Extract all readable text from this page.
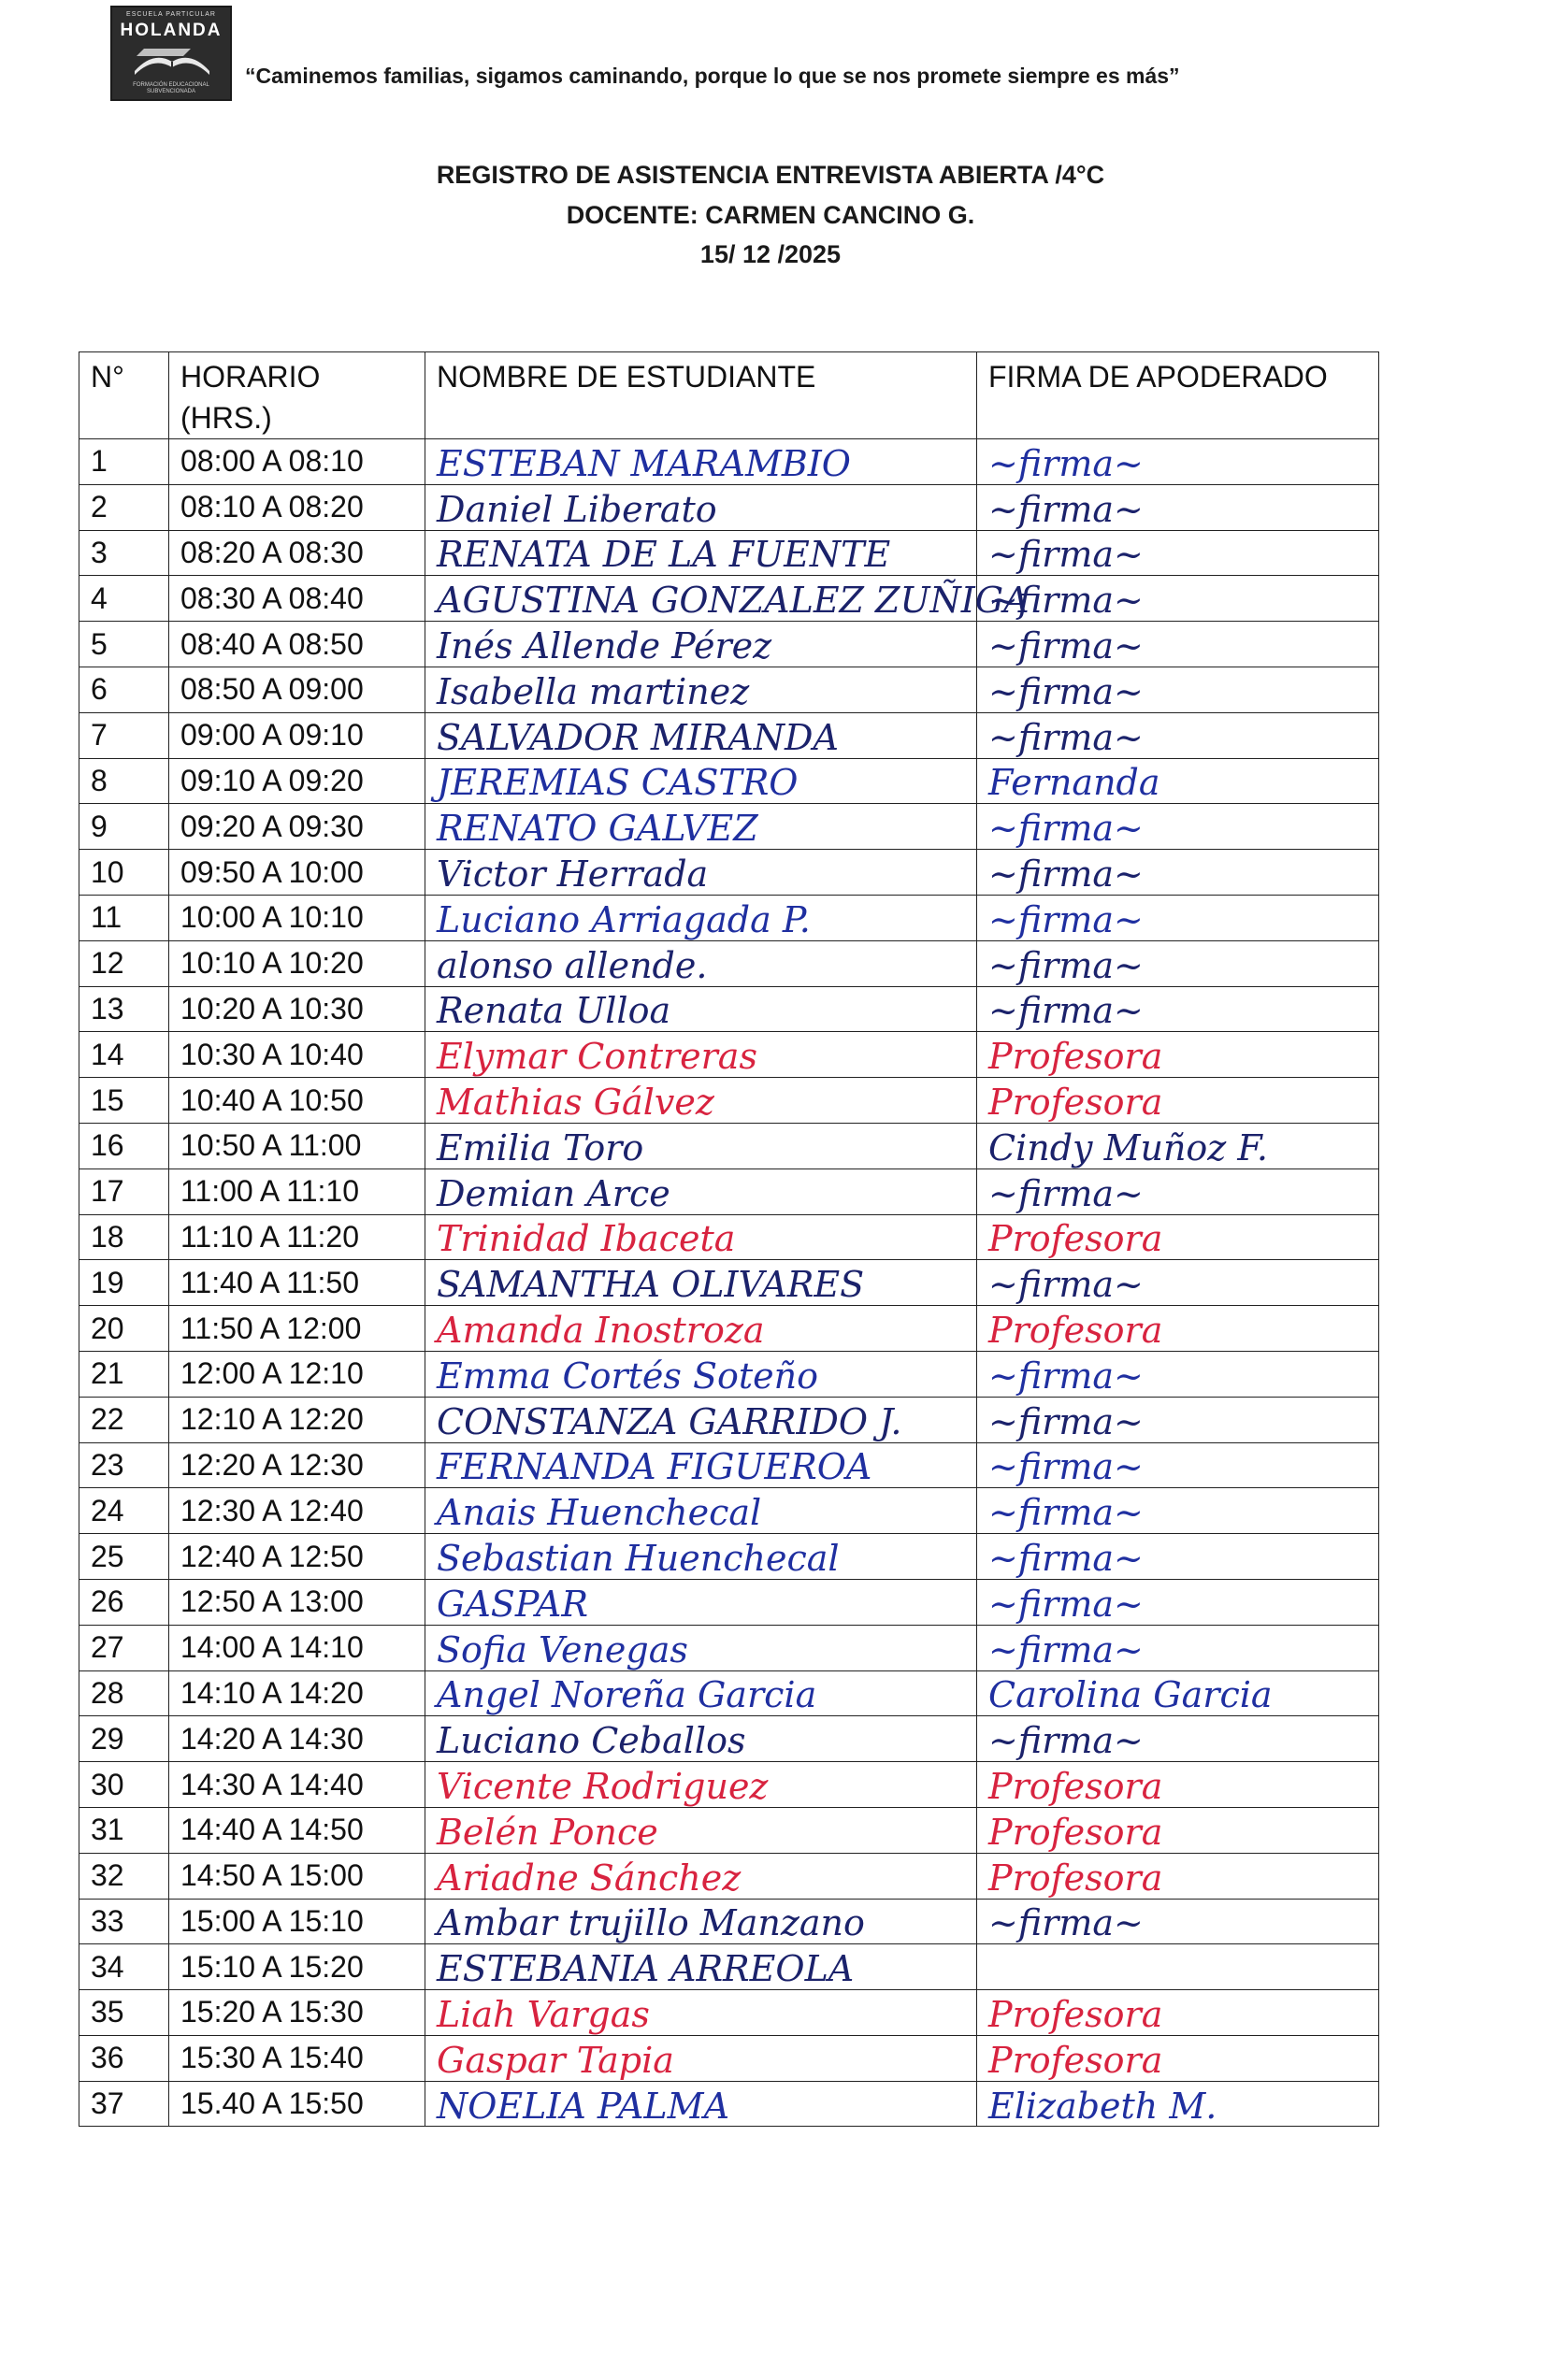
ESCUELA PARTICULAR
HOLANDA
FORMACIÓN EDUCACIONAL
SUBVENCIONADA
“Caminemos familias, sigamos caminando, porque lo que se nos promete siempre es más”
REGISTRO DE ASISTENCIA ENTREVISTA ABIERTA /4°C
DOCENTE: CARMEN CANCINO G.
15/ 12 /2025
N°	HORARIO (HRS.)	NOMBRE DE ESTUDIANTE	FIRMA DE APODERADO
1	08:00 A 08:10	ESTEBAN MARAMBIO	~firma~
2	08:10 A 08:20	Daniel Liberato	~firma~
3	08:20 A 08:30	RENATA DE LA FUENTE	~firma~
4	08:30 A 08:40	AGUSTINA GONZALEZ ZUÑIGA	~firma~
5	08:40 A 08:50	Inés Allende Pérez	~firma~
6	08:50 A 09:00	Isabella martinez	~firma~
7	09:00 A 09:10	SALVADOR MIRANDA	~firma~
8	09:10 A 09:20	JEREMIAS CASTRO	Fernanda
9	09:20 A 09:30	RENATO GALVEZ	~firma~
10	09:50 A 10:00	Victor Herrada	~firma~
11	10:00 A 10:10	Luciano Arriagada P.	~firma~
12	10:10 A 10:20	alonso allende.	~firma~
13	10:20 A 10:30	Renata Ulloa	~firma~
14	10:30 A 10:40	Elymar Contreras	Profesora
15	10:40 A 10:50	Mathias Gálvez	Profesora
16	10:50 A 11:00	Emilia Toro	Cindy Muñoz F.
17	11:00 A 11:10	Demian Arce	~firma~
18	11:10 A 11:20	Trinidad Ibaceta	Profesora
19	11:40 A 11:50	SAMANTHA OLIVARES	~firma~
20	11:50 A 12:00	Amanda Inostroza	Profesora
21	12:00 A 12:10	Emma Cortés Soteño	~firma~
22	12:10 A 12:20	CONSTANZA GARRIDO J.	~firma~
23	12:20 A 12:30	FERNANDA FIGUEROA	~firma~
24	12:30 A 12:40	Anais Huenchecal	~firma~
25	12:40 A 12:50	Sebastian Huenchecal	~firma~
26	12:50 A 13:00	GASPAR	~firma~
27	14:00 A 14:10	Sofia Venegas	~firma~
28	14:10 A 14:20	Angel Noreña Garcia	Carolina Garcia
29	14:20 A 14:30	Luciano Ceballos	~firma~
30	14:30 A 14:40	Vicente Rodriguez	Profesora
31	14:40 A 14:50	Belén Ponce	Profesora
32	14:50 A 15:00	Ariadne Sánchez	Profesora
33	15:00 A 15:10	Ambar trujillo Manzano	~firma~
34	15:10 A 15:20	ESTEBANIA ARREOLA	
35	15:20 A 15:30	Liah Vargas	Profesora
36	15:30 A 15:40	Gaspar Tapia	Profesora
37	15.40 A 15:50	NOELIA PALMA	Elizabeth M.
